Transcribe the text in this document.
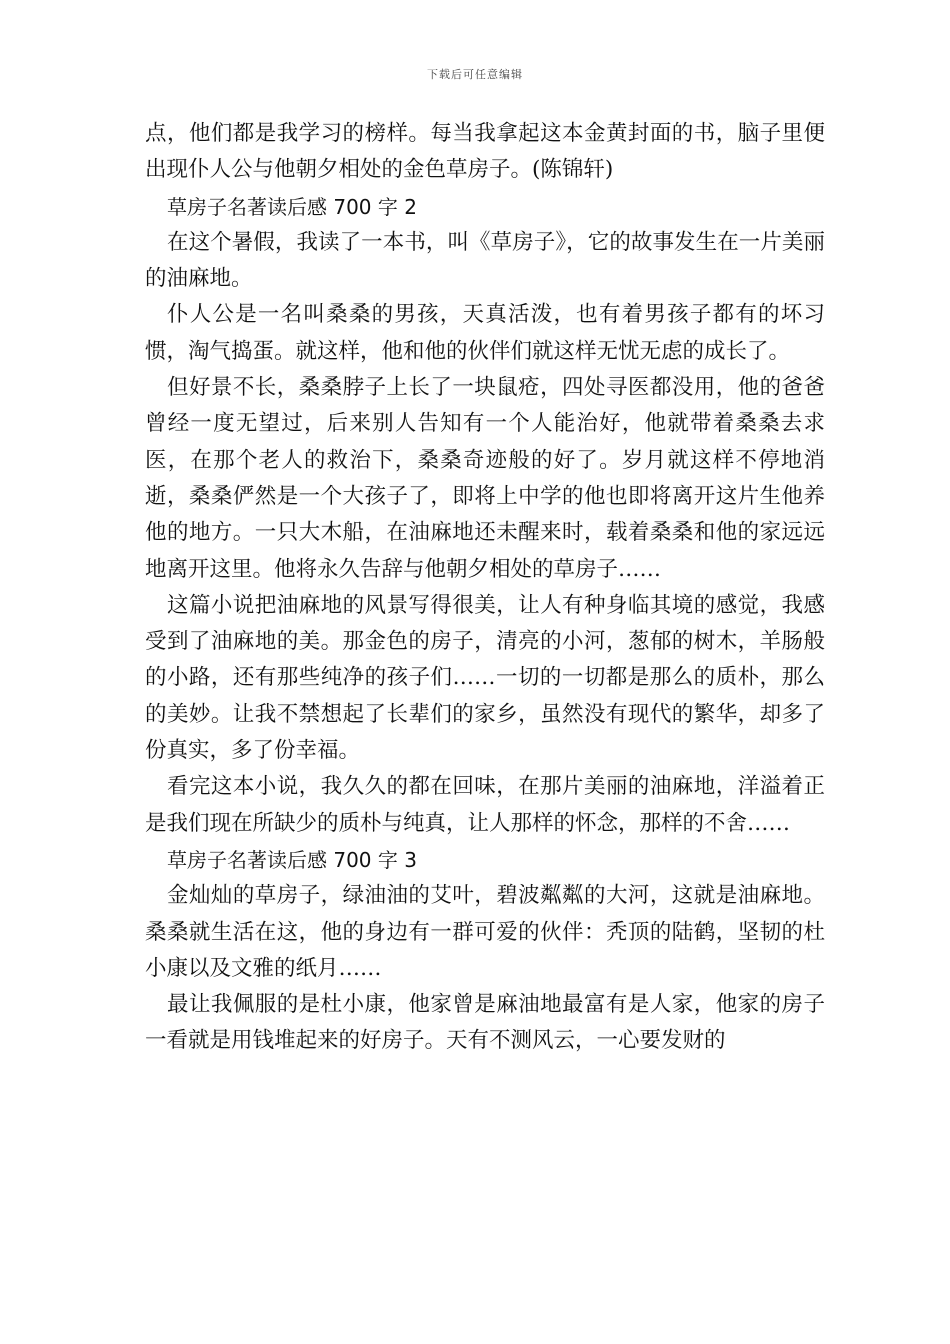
下载后可任意编辑

点，他们都是我学习的榜样。每当我拿起这本金黄封面的书，脑子里便出现仆人公与他朝夕相处的金色草房子。(陈锦轩)

草房子名著读后感 700 字 2

在这个暑假，我读了一本书，叫《草房子》，它的故事发生在一片美丽的油麻地。

仆人公是一名叫桑桑的男孩，天真活泼，也有着男孩子都有的坏习惯，淘气捣蛋。就这样，他和他的伙伴们就这样无忧无虑的成长了。

但好景不长，桑桑脖子上长了一块鼠疮，四处寻医都没用，他的爸爸曾经一度无望过，后来别人告知有一个人能治好，他就带着桑桑去求医，在那个老人的救治下，桑桑奇迹般的好了。岁月就这样不停地消逝，桑桑俨然是一个大孩子了，即将上中学的他也即将离开这片生他养他的地方。一只大木船，在油麻地还未醒来时，载着桑桑和他的家远远地离开这里。他将永久告辞与他朝夕相处的草房子……

这篇小说把油麻地的风景写得很美，让人有种身临其境的感觉，我感受到了油麻地的美。那金色的房子，清亮的小河，葱郁的树木，羊肠般的小路，还有那些纯净的孩子们……一切的一切都是那么的质朴，那么的美妙。让我不禁想起了长辈们的家乡，虽然没有现代的繁华，却多了份真实，多了份幸福。

看完这本小说，我久久的都在回味，在那片美丽的油麻地，洋溢着正是我们现在所缺少的质朴与纯真，让人那样的怀念，那样的不舍……

草房子名著读后感 700 字 3

金灿灿的草房子，绿油油的艾叶，碧波粼粼的大河，这就是油麻地。桑桑就生活在这，他的身边有一群可爱的伙伴：秃顶的陆鹤，坚韧的杜小康以及文雅的纸月……

最让我佩服的是杜小康，他家曾是麻油地最富有是人家，他家的房子一看就是用钱堆起来的好房子。天有不测风云，一心要发财的
